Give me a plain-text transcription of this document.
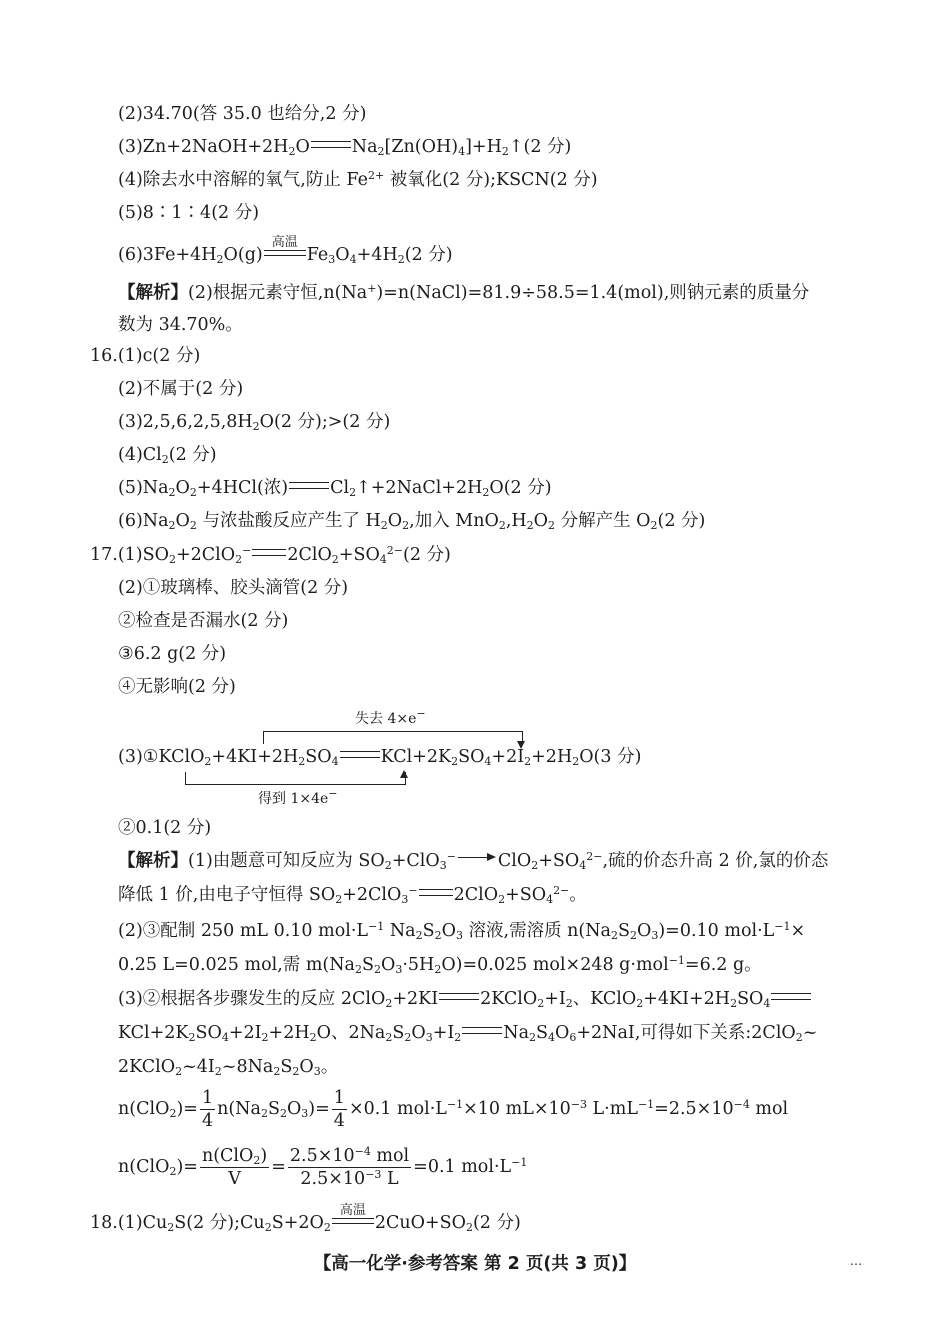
(2)34.70(答 35.0 也给分,2 分)
$(3)Zn+2NaOH+2H_2O$ $Na_2[Zn(OH)_4]+H_2↑(2$ 分)
(4)除去水中溶解的氧气,防止 $Fe^{2+}$ 被氧化(2 分);KSCN(2 分)
(5)8∶1∶4(2 分)
$(6)3Fe+4H_2O(g)$
高温
$Fe_3O_4+4H_2(2$ 分)
【解析】(2)根据元素守恒,n(Na+)=n(NaCl)=81.9÷58.5=1.4(mol),则钠元素的质量分
数为 34.70%。
16.(1)c(2 分)
(2)不属于(2 分)
$(3)2,5,6,2,5,8H_2O(2$ 分);>(2 分)
$(4)Cl_2(2$ 分)
$(5)Na_2O_2+4HCl$(浓) $Cl_2↑+2NaCl+2H_2O(2$ 分)
$(6)Na_2O_2$ 与浓盐酸反应产生了 $H_2O_2$,加入 $MnO_2,H_2O_2$ 分解产生 $O_2(2$ 分)
$17.(1)SO_2+2ClO_2^-$ $2ClO_2+SO_4^{2-}(2$ 分)
(2)①玻璃棒、胶头滴管(2 分)
②检查是否漏水(2 分)
③6.2 g(2 分)
④无影响(2 分)
失去 4×e−
$(3)①KClO_2+4KI+2H_2SO_4$ $KCl+2K_2SO_4+2I_2+2H_2O(3$ 分)
得到 1×4e−
②0.1(2 分)
【解析】(1)由题意可知反应为 $SO_2+ClO_3^-$ $ClO_2+SO_4^{2-}$,硫的价态升高 2 价,氯的价态
降低 1 价,由电子守恒得 $SO_2+2ClO_3^-$ $2ClO_2+SO_4^{2-}$。
(2)③配制 250 mL 0.10 $mol\cdot L^{-1}$ $Na_2S_2O_3$ 溶液,需溶质 $n(Na_2S_2O_3)=0.10$ $mol\cdot L^{-1}\times$
0.25 L=0.025 mol,需 $m(Na_2S_2O_3\cdot 5H_2O)=0.025$ mol×248 g·mol$^{-1}$=6.2 g。
(3)②根据各步骤发生的反应 2ClO$_2$+2KI $2KClO_2+I_2$、$KClO_2+4KI+2H_2SO_4$
$KCl+2K_2SO_4+2I_2+2H_2O$、$2Na_2S_2O_3+I_2$ $Na_2S_4O_6+2NaI$,可得如下关系:2ClO$_2$~
$2KClO_2\sim 4I_2\sim 8Na_2S_2O_3$。
$n(ClO_2)= \frac{1}{4} n(Na_2S_2O_3)= \frac{1}{4} \times 0.1$ $mol\cdot L^{-1}\times 10$ $mL\times 10^{-3}$ $L\cdot mL^{-1}=2.5\times 10^{-4}$ mol
$n(ClO_2)= \frac{n(ClO_2)}{V} = \frac{2.5\times 10^{-4} mol}{2.5\times 10^{-3} L} =0.1$ $mol\cdot L^{-1}$
$18.(1)Cu_2S(2$ 分)$;Cu_2S+2O_2$
高温
$2CuO+SO_2(2$ 分)
【高一化学·参考答案 第 2 页(共 3 页)】	…
